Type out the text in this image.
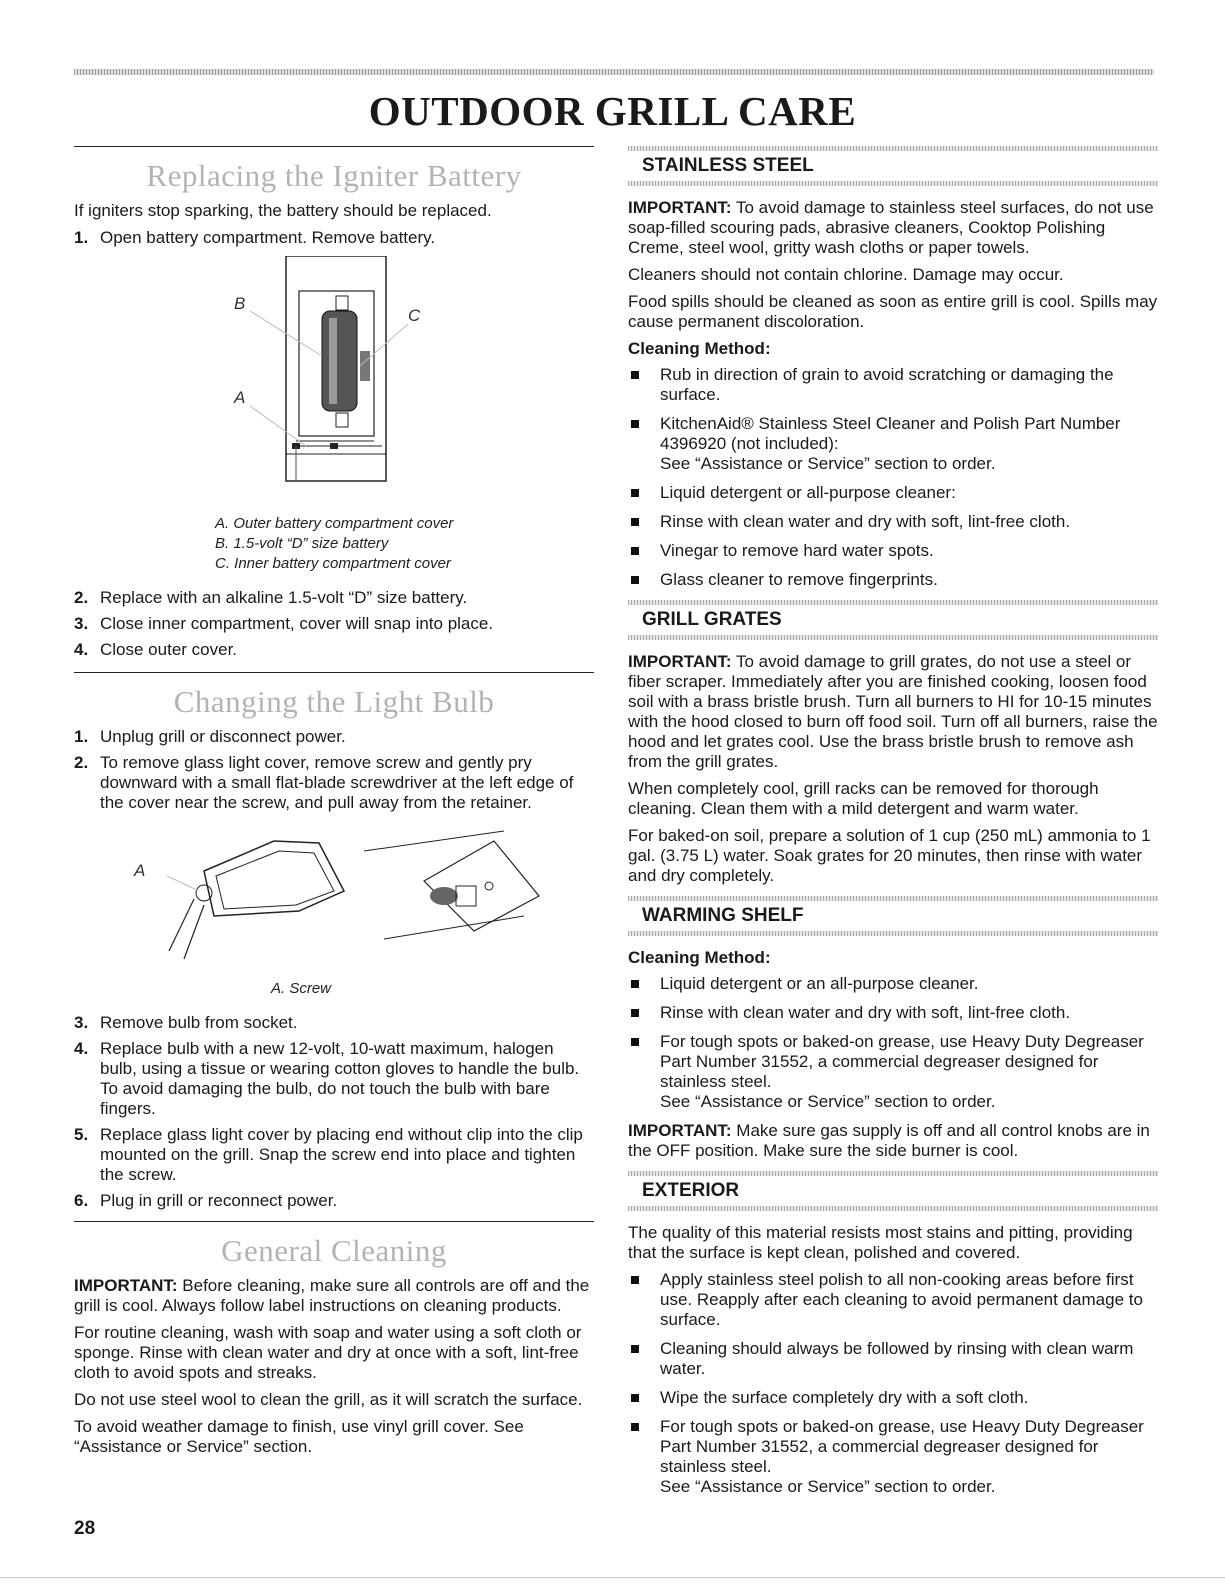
OUTDOOR GRILL CARE
Replacing the Igniter Battery

If igniters stop sparking, the battery should be replaced.

1. Open battery compartment. Remove battery.
B
C
A
A. Outer battery compartment cover
B. 1.5-volt “D” size battery
C. Inner battery compartment cover
2. Replace with an alkaline 1.5-volt “D” size battery.
3. Close inner compartment, cover will snap into place.
4. Close outer cover.
Changing the Light Bulb
1. Unplug grill or disconnect power.
2. To remove glass light cover, remove screw and gently pry downward with a small flat-blade screwdriver at the left edge of the cover near the screw, and pull away from the retainer.
A
A. Screw
3. Remove bulb from socket.
4. Replace bulb with a new 12-volt, 10-watt maximum, halogen bulb, using a tissue or wearing cotton gloves to handle the bulb. To avoid damaging the bulb, do not touch the bulb with bare fingers.
5. Replace glass light cover by placing end without clip into the clip mounted on the grill. Snap the screw end into place and tighten the screw.
6. Plug in grill or reconnect power.
General Cleaning

IMPORTANT: Before cleaning, make sure all controls are off and the grill is cool. Always follow label instructions on cleaning products.

For routine cleaning, wash with soap and water using a soft cloth or sponge. Rinse with clean water and dry at once with a soft, lint-free cloth to avoid spots and streaks.

Do not use steel wool to clean the grill, as it will scratch the surface.

To avoid weather damage to finish, use vinyl grill cover. See “Assistance or Service” section.

STAINLESS STEEL

IMPORTANT: To avoid damage to stainless steel surfaces, do not use soap-filled scouring pads, abrasive cleaners, Cooktop Polishing Creme, steel wool, gritty wash cloths or paper towels.

Cleaners should not contain chlorine. Damage may occur.

Food spills should be cleaned as soon as entire grill is cool. Spills may cause permanent discoloration.

Cleaning Method:
Rub in direction of grain to avoid scratching or damaging the surface.
KitchenAid® Stainless Steel Cleaner and Polish Part Number 4396920 (not included):
See “Assistance or Service” section to order.
Liquid detergent or all-purpose cleaner:
Rinse with clean water and dry with soft, lint-free cloth.
Vinegar to remove hard water spots.
Glass cleaner to remove fingerprints.
GRILL GRATES

IMPORTANT: To avoid damage to grill grates, do not use a steel or fiber scraper. Immediately after you are finished cooking, loosen food soil with a brass bristle brush. Turn all burners to HI for 10-15 minutes with the hood closed to burn off food soil. Turn off all burners, raise the hood and let grates cool. Use the brass bristle brush to remove ash from the grill grates.

When completely cool, grill racks can be removed for thorough cleaning. Clean them with a mild detergent and warm water.

For baked-on soil, prepare a solution of 1 cup (250 mL) ammonia to 1 gal. (3.75 L) water. Soak grates for 20 minutes, then rinse with water and dry completely.

WARMING SHELF
Cleaning Method:
Liquid detergent or an all-purpose cleaner.
Rinse with clean water and dry with soft, lint-free cloth.
For tough spots or baked-on grease, use Heavy Duty Degreaser Part Number 31552, a commercial degreaser designed for stainless steel.
See “Assistance or Service” section to order.

IMPORTANT: Make sure gas supply is off and all control knobs are in the OFF position. Make sure the side burner is cool.

EXTERIOR

The quality of this material resists most stains and pitting, providing that the surface is kept clean, polished and covered.

Apply stainless steel polish to all non-cooking areas before first use. Reapply after each cleaning to avoid permanent damage to surface.
Cleaning should always be followed by rinsing with clean warm water.
Wipe the surface completely dry with a soft cloth.
For tough spots or baked-on grease, use Heavy Duty Degreaser Part Number 31552, a commercial degreaser designed for stainless steel.
See “Assistance or Service” section to order.
28
